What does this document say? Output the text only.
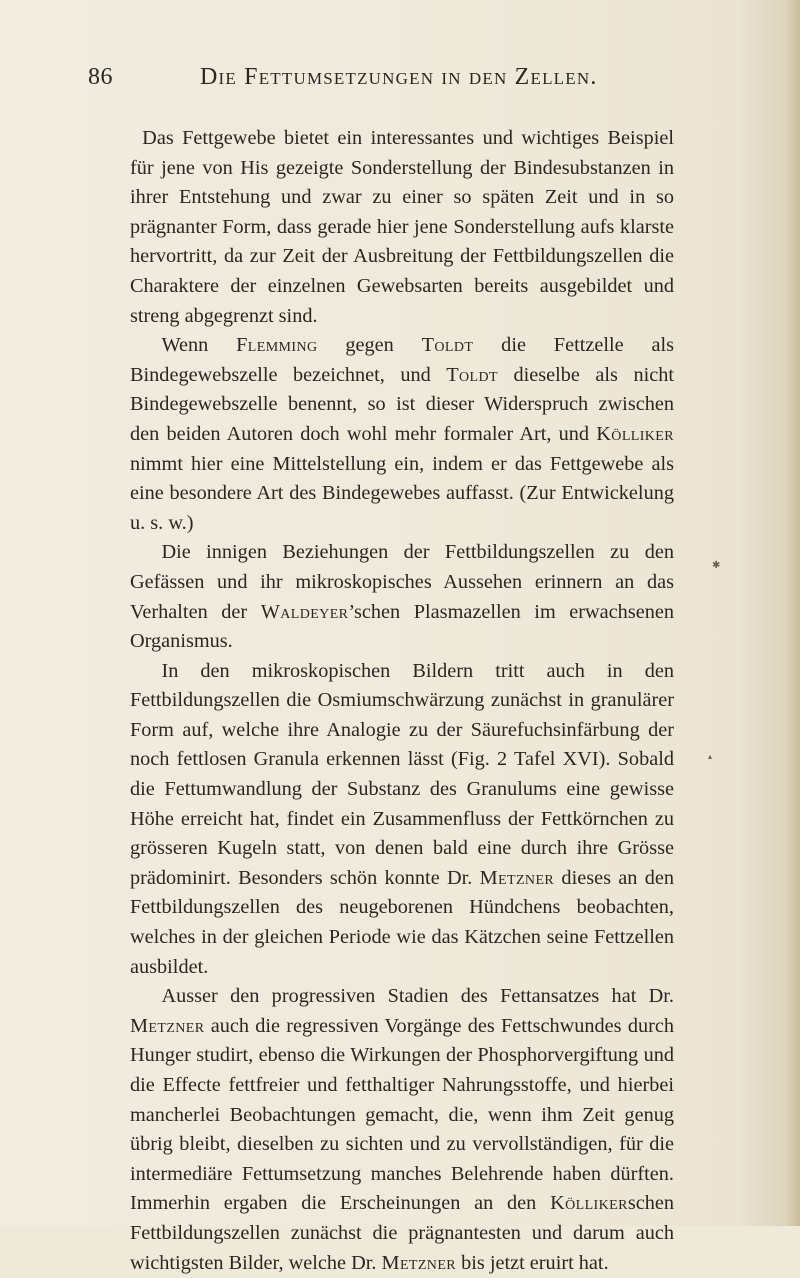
86	Die Fettumsetzungen in den Zellen.

Das Fettgewebe bietet ein interessantes und wichtiges Beispiel für jene von His gezeigte Sonderstellung der Bindesubstanzen in ihrer Entstehung und zwar zu einer so späten Zeit und in so prägnanter Form, dass gerade hier jene Sonderstellung aufs klarste hervortritt, da zur Zeit der Ausbreitung der Fettbildungszellen die Charaktere der einzelnen Gewebsarten bereits ausgebildet und streng abgegrenzt sind.

Wenn Flemming gegen Toldt die Fettzelle als Bindegewebszelle bezeichnet, und Toldt dieselbe als nicht Bindegewebszelle benennt, so ist dieser Widerspruch zwischen den beiden Autoren doch wohl mehr formaler Art, und Kölliker nimmt hier eine Mittelstellung ein, indem er das Fettgewebe als eine besondere Art des Bindegewebes auffasst. (Zur Entwickelung u. s. w.)

Die innigen Beziehungen der Fettbildungszellen zu den Gefässen und ihr mikroskopisches Aussehen erinnern an das Verhalten der Waldeyer’schen Plasmazellen im erwachsenen Organismus.

In den mikroskopischen Bildern tritt auch in den Fettbildungszellen die Osmiumschwärzung zunächst in granulärer Form auf, welche ihre Analogie zu der Säurefuchsinfärbung der noch fettlosen Granula erkennen lässt (Fig. 2 Tafel XVI). Sobald die Fettumwandlung der Substanz des Granulums eine gewisse Höhe erreicht hat, findet ein Zusammenfluss der Fettkörnchen zu grösseren Kugeln statt, von denen bald eine durch ihre Grösse prädominirt. Besonders schön konnte Dr. Metzner dieses an den Fettbildungszellen des neugeborenen Hündchens beobachten, welches in der gleichen Periode wie das Kätzchen seine Fettzellen ausbildet.

Ausser den progressiven Stadien des Fettansatzes hat Dr. Metzner auch die regressiven Vorgänge des Fettschwundes durch Hunger studirt, ebenso die Wirkungen der Phosphorvergiftung und die Effecte fettfreier und fetthaltiger Nahrungsstoffe, und hierbei mancherlei Beobachtungen gemacht, die, wenn ihm Zeit genug übrig bleibt, dieselben zu sichten und zu vervollständigen, für die intermediäre Fettumsetzung manches Belehrende haben dürften. Immerhin ergaben die Erscheinungen an den Köllikerschen Fettbildungszellen zunächst die prägnantesten und darum auch wichtigsten Bilder, welche Dr. Metzner bis jetzt eruirt hat.

✱
▴
